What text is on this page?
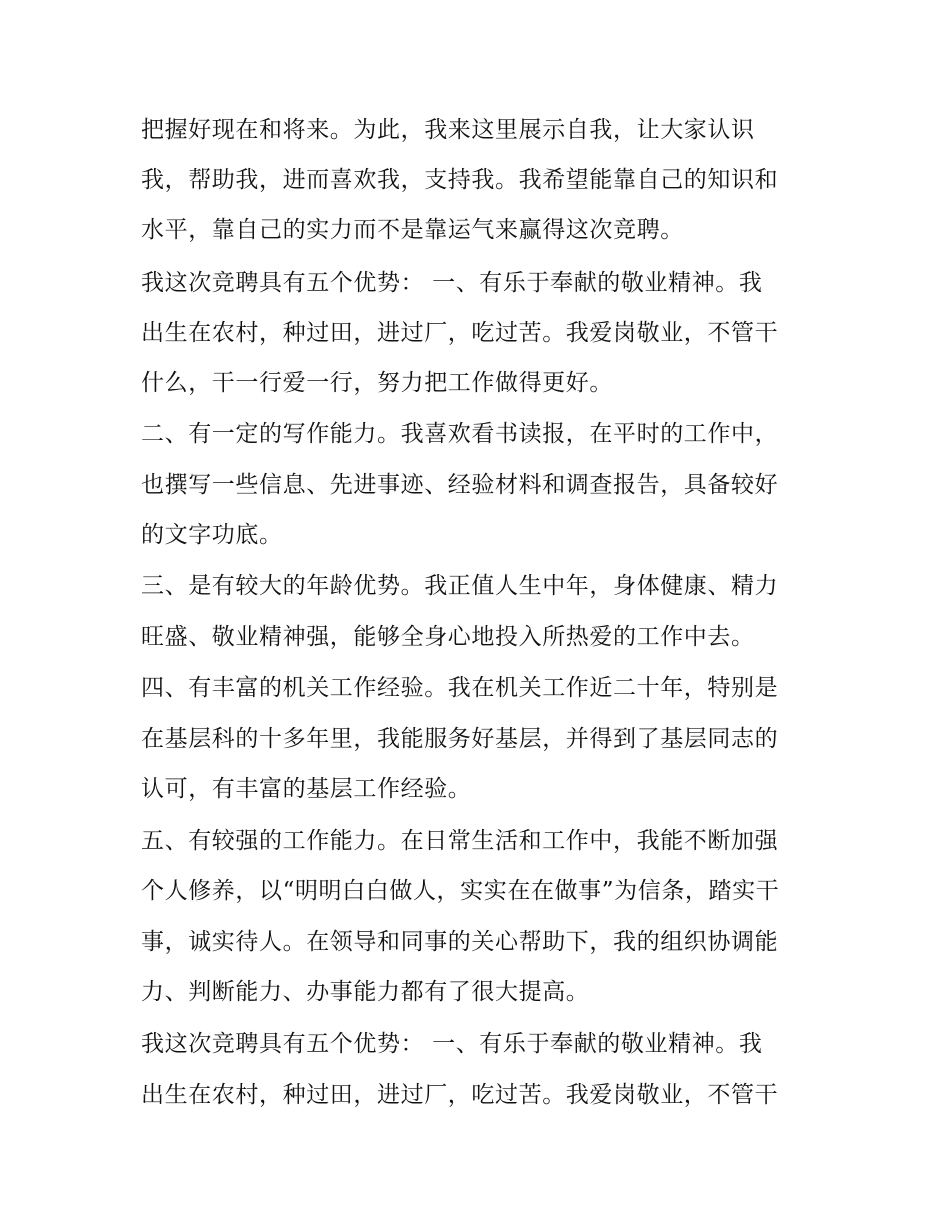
把握好现在和将来。为此，我来这里展示自我，让大家认识
我，帮助我，进而喜欢我，支持我。我希望能靠自己的知识和
水平，靠自己的实力而不是靠运气来赢得这次竞聘。
我这次竞聘具有五个优势： 一、有乐于奉献的敬业精神。我
出生在农村，种过田，进过厂，吃过苦。我爱岗敬业，不管干
什么，干一行爱一行，努力把工作做得更好。
二、有一定的写作能力。我喜欢看书读报，在平时的工作中，
也撰写一些信息、先进事迹、经验材料和调查报告，具备较好
的文字功底。
三、是有较大的年龄优势。我正值人生中年，身体健康、精力
旺盛、敬业精神强，能够全身心地投入所热爱的工作中去。
四、有丰富的机关工作经验。我在机关工作近二十年，特别是
在基层科的十多年里，我能服务好基层，并得到了基层同志的
认可，有丰富的基层工作经验。
五、有较强的工作能力。在日常生活和工作中，我能不断加强
个人修养，以“明明白白做人，实实在在做事”为信条，踏实干
事，诚实待人。在领导和同事的关心帮助下，我的组织协调能
力、判断能力、办事能力都有了很大提高。
我这次竞聘具有五个优势： 一、有乐于奉献的敬业精神。我
出生在农村，种过田，进过厂，吃过苦。我爱岗敬业，不管干
